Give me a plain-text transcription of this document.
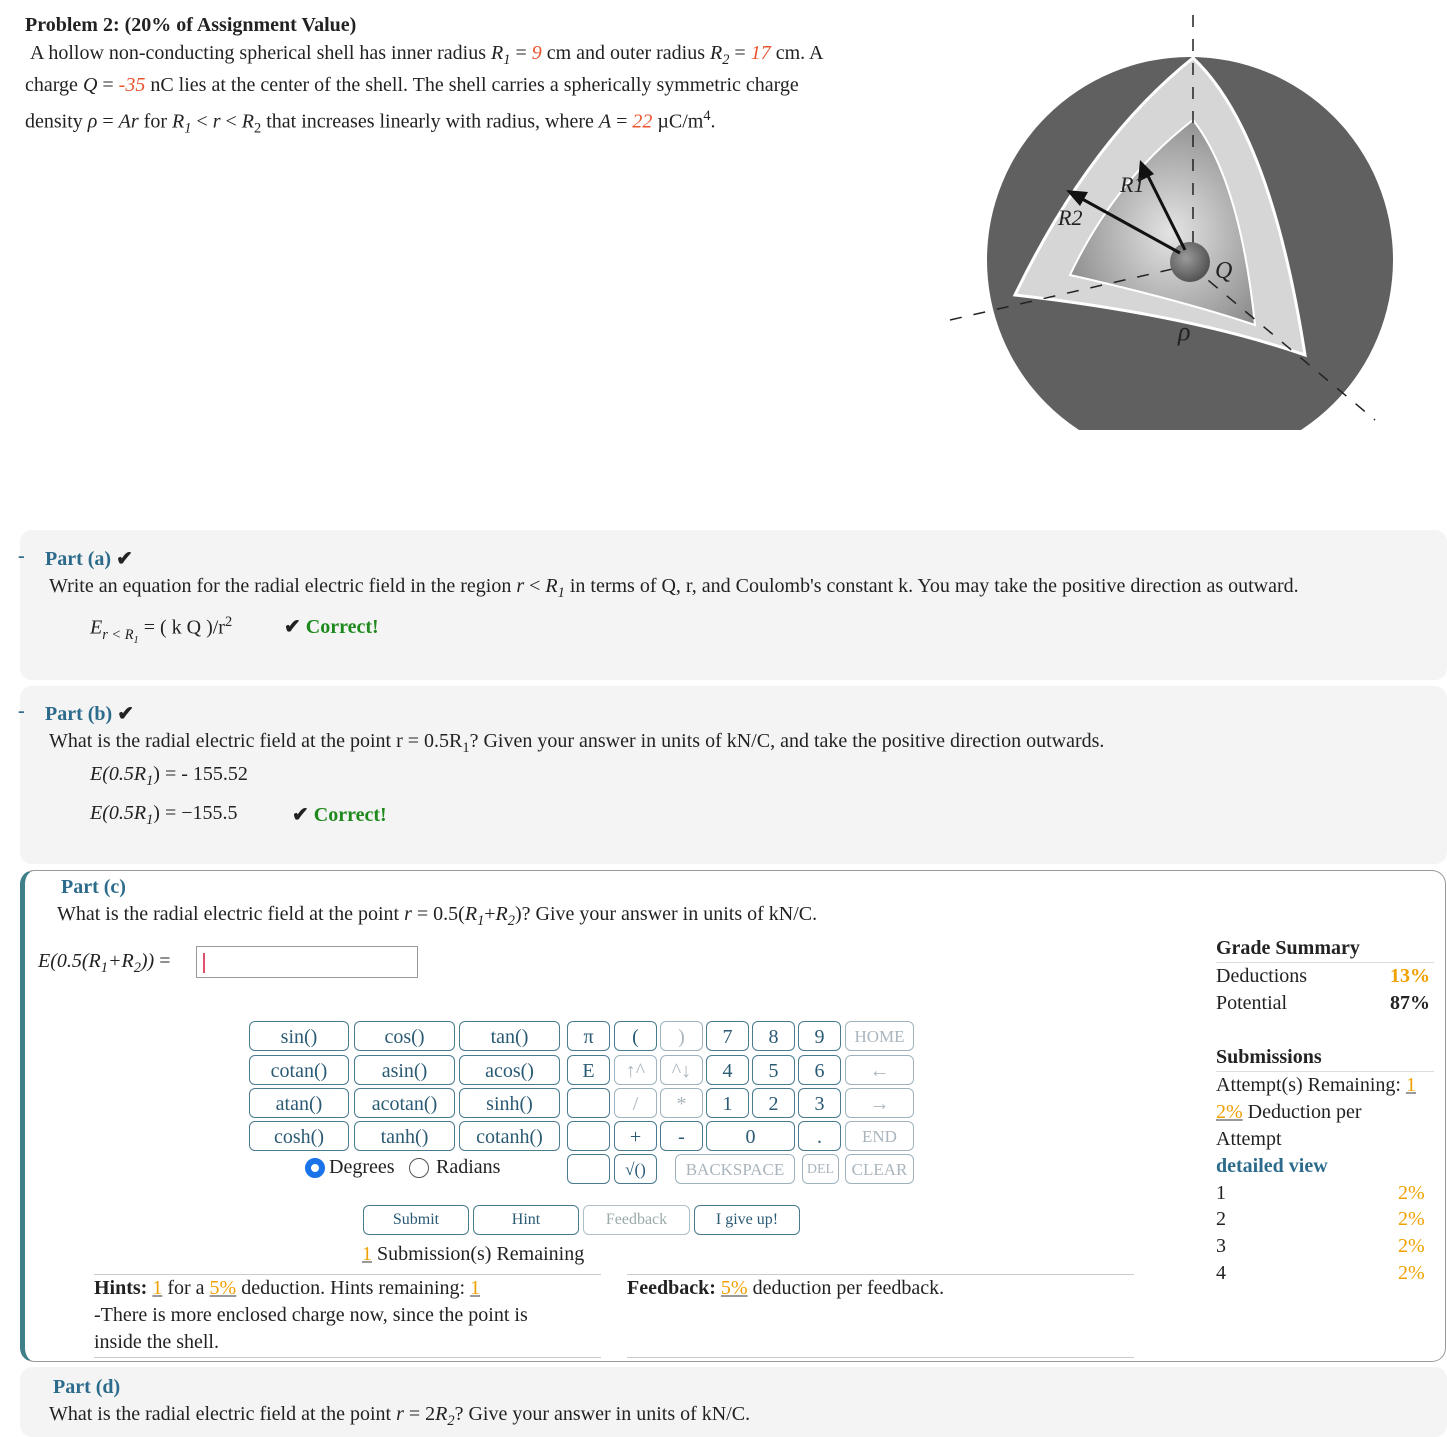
Problem 2: (20% of Assignment Value)
A hollow non-conducting spherical shell has inner radius $R_1 = 9$ cm and outer radius $R_2 = 17$ cm. A
charge Q = -35 nC lies at the center of the shell. The shell carries a spherically symmetric charge
density ρ = Ar for $R_1 < r < R_2$ that increases linearly with radius, where A = 22 $\mu C/m^4$.
R1
R2
Q
ρ
- Part (a) ✔
Write an equation for the radial electric field in the region $r < R_1$ in terms of Q, r, and Coulomb's constant k. You may take the positive direction as outward.
$E_{r < R_1}$ = ( k Q )$/r^2$	✔ Correct!
- Part (b) ✔
What is the radial electric field at the point $r = 0.5R_1$? Given your answer in units of kN/C, and take the positive direction outwards.
$E(0.5R_1)$ = - 155.52
$E(0.5R_1) = -155.5$	✔ Correct!
Part (c)
What is the radial electric field at the point $r = 0.5(R_1+R_2)$? Give your answer in units of kN/C.
$E(0.5(R_1+R_2))$ =
sin()	cos()	tan()
cotan()	asin()	acos()
atan()	acotan()	sinh()
cosh()	tanh()	cotanh()
π
E
(
↑^
/
+
√()
)
^↓
*
-
7	8	9
4	5	6
1	2	3
0	.
HOME
←
→
END
BACKSPACE	DEL	CLEAR
Degrees Radians
Submit	Hint	Feedback	I give up!
1 Submission(s) Remaining
Hints: 1 for a 5% deduction. Hints remaining: 1
-There is more enclosed charge now, since the point is
inside the shell.
Feedback: 5% deduction per feedback.
Grade Summary
Deductions	13%
Potential	87%
Submissions
Attempt(s) Remaining: 1
2% Deduction per
Attempt
detailed view
1	2%
2	2%
3	2%
4	2%
Part (d)
What is the radial electric field at the point $r = 2R_2$? Give your answer in units of kN/C.
